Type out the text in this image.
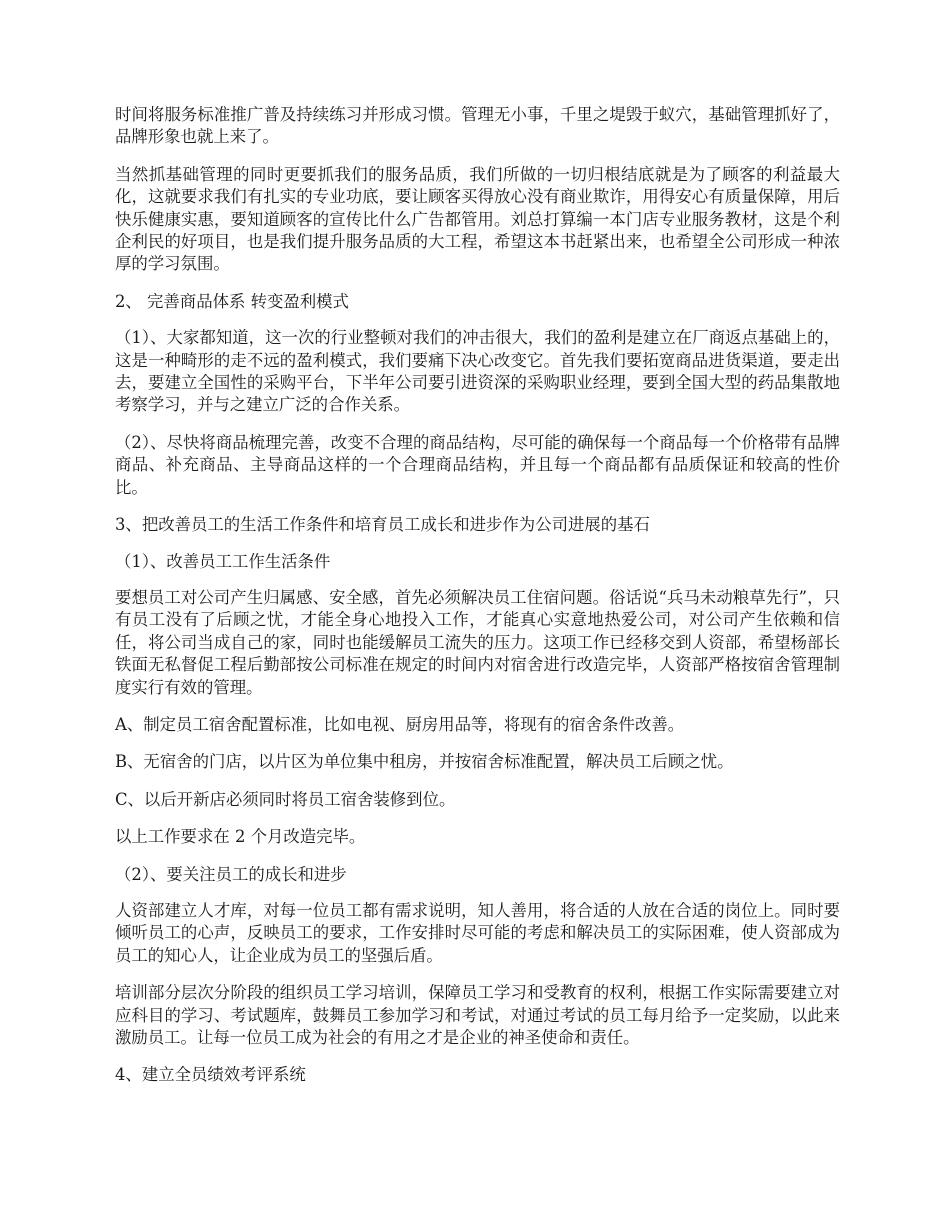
时间将服务标准推广普及持续练习并形成习惯。管理无小事，千里之堤毁于蚁穴，基础管理抓好了，品牌形象也就上来了。

当然抓基础管理的同时更要抓我们的服务品质，我们所做的一切归根结底就是为了顾客的利益最大化，这就要求我们有扎实的专业功底，要让顾客买得放心没有商业欺诈，用得安心有质量保障，用后快乐健康实惠，要知道顾客的宣传比什么广告都管用。刘总打算编一本门店专业服务教材，这是个利企利民的好项目，也是我们提升服务品质的大工程，希望这本书赶紧出来，也希望全公司形成一种浓厚的学习氛围。

2、 完善商品体系 转变盈利模式

（1）、大家都知道，这一次的行业整顿对我们的冲击很大，我们的盈利是建立在厂商返点基础上的，这是一种畸形的走不远的盈利模式，我们要痛下决心改变它。首先我们要拓宽商品进货渠道，要走出去，要建立全国性的采购平台，下半年公司要引进资深的采购职业经理，要到全国大型的药品集散地考察学习，并与之建立广泛的合作关系。

（2）、尽快将商品梳理完善，改变不合理的商品结构，尽可能的确保每一个商品每一个价格带有品牌商品、补充商品、主导商品这样的一个合理商品结构，并且每一个商品都有品质保证和较高的性价比。

3、把改善员工的生活工作条件和培育员工成长和进步作为公司进展的基石

（1）、改善员工工作生活条件

要想员工对公司产生归属感、安全感，首先必须解决员工住宿问题。俗话说“兵马未动粮草先行”，只有员工没有了后顾之忧，才能全身心地投入工作，才能真心实意地热爱公司，对公司产生依赖和信任，将公司当成自己的家，同时也能缓解员工流失的压力。这项工作已经移交到人资部，希望杨部长铁面无私督促工程后勤部按公司标准在规定的时间内对宿舍进行改造完毕，人资部严格按宿舍管理制度实行有效的管理。

A、制定员工宿舍配置标准，比如电视、厨房用品等，将现有的宿舍条件改善。

B、无宿舍的门店，以片区为单位集中租房，并按宿舍标准配置，解决员工后顾之忧。

C、以后开新店必须同时将员工宿舍装修到位。

以上工作要求在 2 个月改造完毕。

（2）、要关注员工的成长和进步

人资部建立人才库，对每一位员工都有需求说明，知人善用，将合适的人放在合适的岗位上。同时要倾听员工的心声，反映员工的要求，工作安排时尽可能的考虑和解决员工的实际困难，使人资部成为员工的知心人，让企业成为员工的坚强后盾。

培训部分层次分阶段的组织员工学习培训，保障员工学习和受教育的权利，根据工作实际需要建立对应科目的学习、考试题库，鼓舞员工参加学习和考试，对通过考试的员工每月给予一定奖励，以此来激励员工。让每一位员工成为社会的有用之才是企业的神圣使命和责任。

4、建立全员绩效考评系统
